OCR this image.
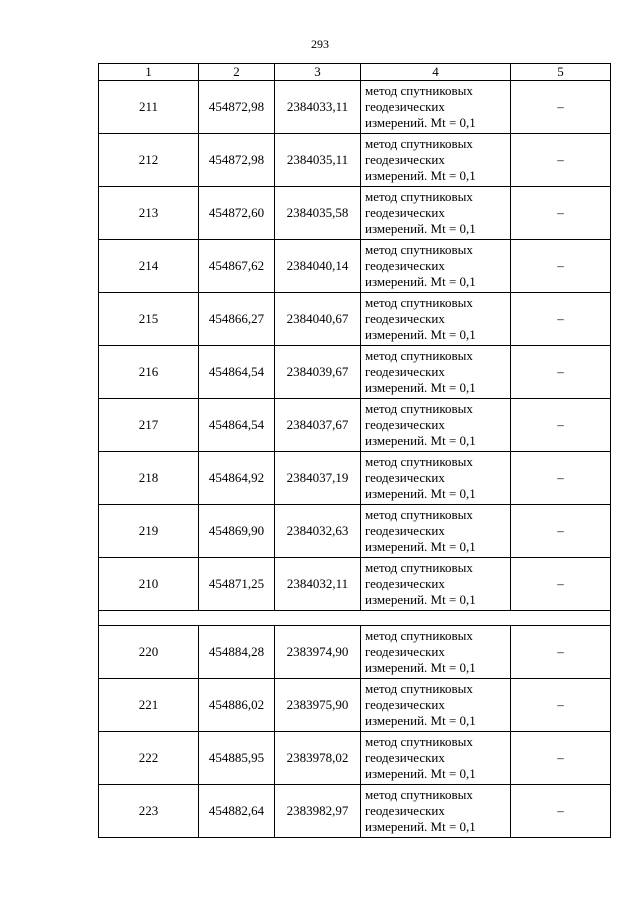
293
1	2	3	4	5
211	454872,98	2384033,11	метод спутниковых
геодезических
измерений. Mt = 0,1	–
212	454872,98	2384035,11	метод спутниковых
геодезических
измерений. Mt = 0,1	–
213	454872,60	2384035,58	метод спутниковых
геодезических
измерений. Mt = 0,1	–
214	454867,62	2384040,14	метод спутниковых
геодезических
измерений. Mt = 0,1	–
215	454866,27	2384040,67	метод спутниковых
геодезических
измерений. Mt = 0,1	–
216	454864,54	2384039,67	метод спутниковых
геодезических
измерений. Mt = 0,1	–
217	454864,54	2384037,67	метод спутниковых
геодезических
измерений. Mt = 0,1	–
218	454864,92	2384037,19	метод спутниковых
геодезических
измерений. Mt = 0,1	–
219	454869,90	2384032,63	метод спутниковых
геодезических
измерений. Mt = 0,1	–
210	454871,25	2384032,11	метод спутниковых
геодезических
измерений. Mt = 0,1	–

220	454884,28	2383974,90	метод спутниковых
геодезических
измерений. Mt = 0,1	–
221	454886,02	2383975,90	метод спутниковых
геодезических
измерений. Mt = 0,1	–
222	454885,95	2383978,02	метод спутниковых
геодезических
измерений. Mt = 0,1	–
223	454882,64	2383982,97	метод спутниковых
геодезических
измерений. Mt = 0,1	–
